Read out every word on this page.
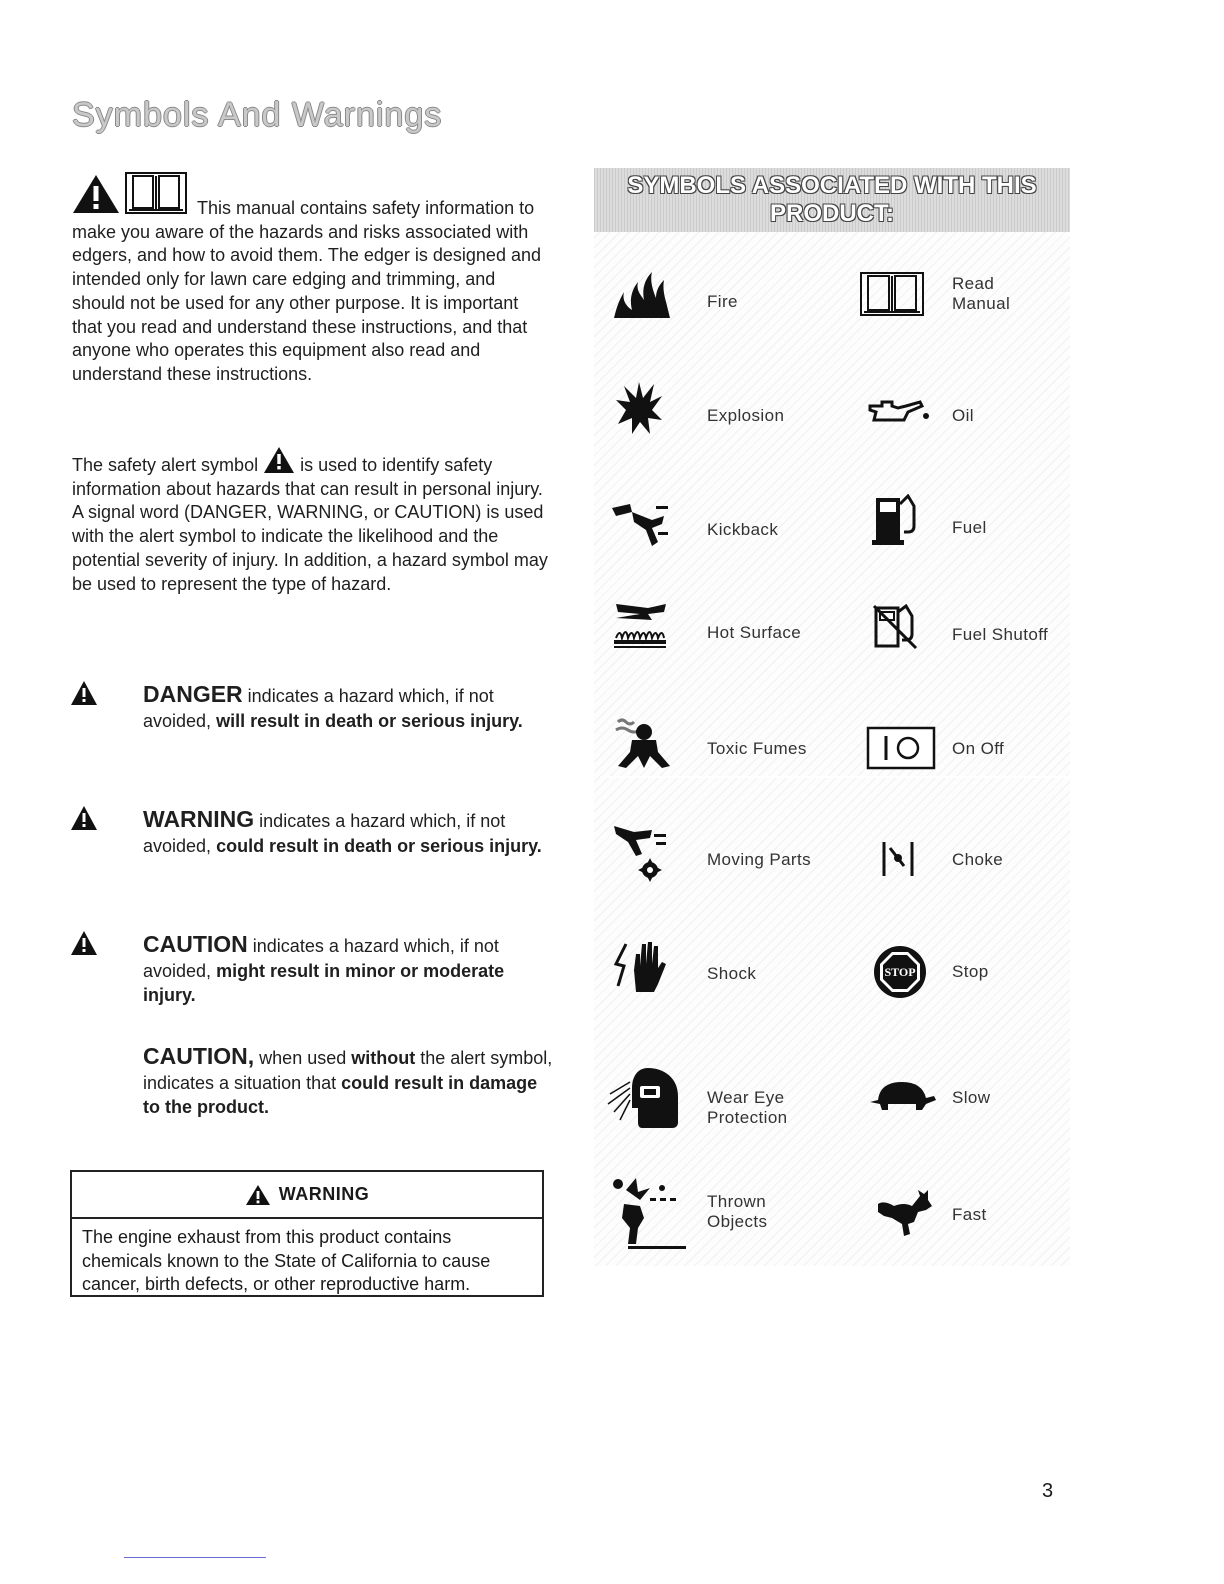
Symbols And Warnings
This manual contains safety information to make you aware of the hazards and risks associated with edgers, and how to avoid them. The edger is designed and intended only for lawn care edging and trimming, and should not be used for any other purpose. It is important that you read and understand these instructions, and that anyone who operates this equipment also read and understand these instructions.
The safety alert symbol is used to identify safety information about hazards that can result in personal injury. A signal word (DANGER, WARNING, or CAUTION) is used with the alert symbol to indicate the likelihood and the potential severity of injury. In addition, a hazard symbol may be used to represent the type of hazard.
DANGER indicates a hazard which, if not avoided, will result in death or serious injury.
WARNING indicates a hazard which, if not avoided, could result in death or serious injury.
CAUTION indicates a hazard which, if not avoided, might result in minor or moderate injury.
CAUTION, when used without the alert symbol, indicates a situation that could result in damage to the product.
WARNING
The engine exhaust from this product contains chemicals known to the State of California to cause cancer, birth defects, or other reproductive harm.
SYMBOLS ASSOCIATED WITH THIS PRODUCT:
STOP
Fire
Explosion
Kickback
Hot Surface
Toxic Fumes
Moving Parts
Shock
Wear Eye Protection
Thrown Objects
Read Manual
Oil
Fuel
Fuel Shutoff
On Off
Choke
Stop
Slow
Fast
3
